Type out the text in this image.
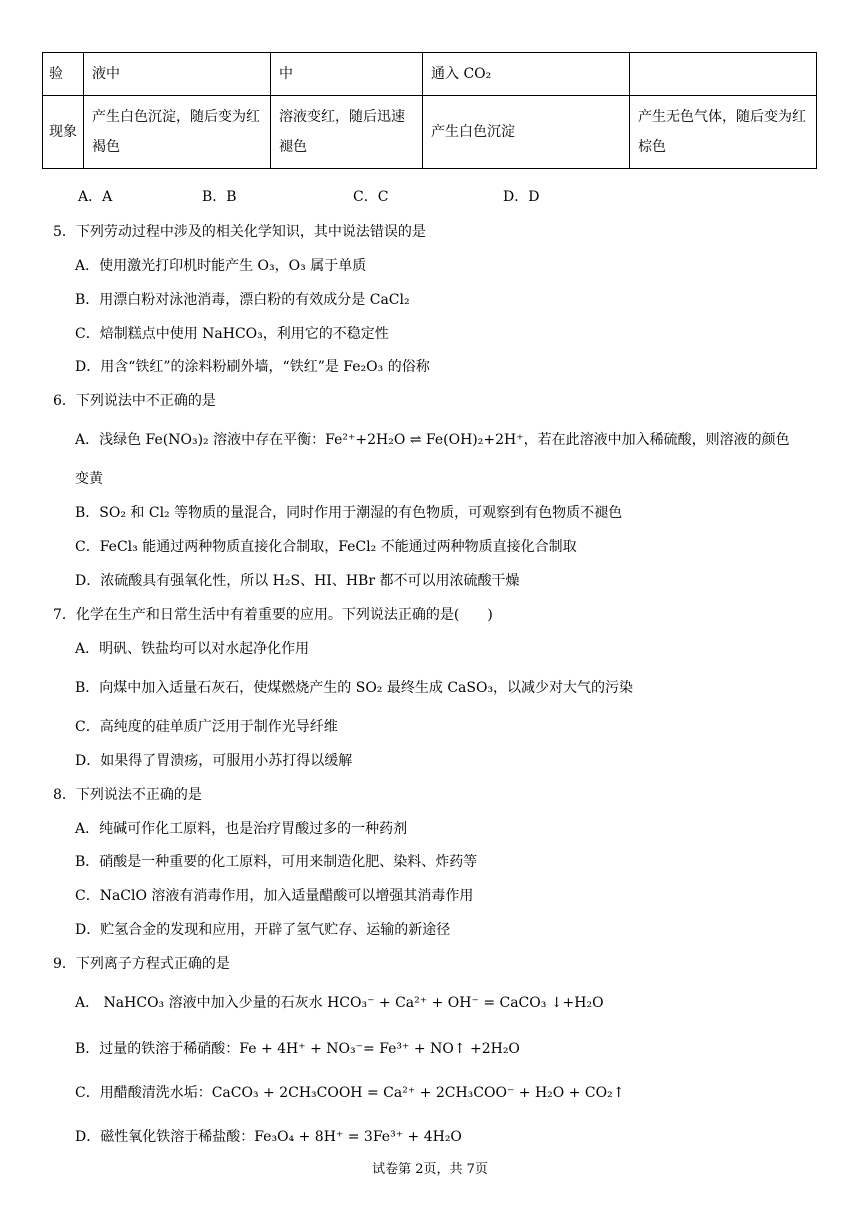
验	液中	中	通入 CO₂	
现象	产生白色沉淀，随后变为红褐色	溶液变红，随后迅速褪色	产生白色沉淀	产生无色气体，随后变为红棕色
A．A	B．B	C．C	D．D
5．下列劳动过程中涉及的相关化学知识，其中说法错误的是
A．使用激光打印机时能产生 O₃，O₃ 属于单质
B．用漂白粉对泳池消毒，漂白粉的有效成分是 CaCl₂
C．焙制糕点中使用 NaHCO₃，利用它的不稳定性
D．用含“铁红”的涂料粉刷外墙，“铁红”是 Fe₂O₃ 的俗称
6．下列说法中不正确的是
A．浅绿色 Fe(NO₃)₂ 溶液中存在平衡：Fe²⁺+2H₂O ⇌ Fe(OH)₂+2H⁺，若在此溶液中加入稀硫酸，则溶液的颜色
变黄
B．SO₂ 和 Cl₂ 等物质的量混合，同时作用于潮湿的有色物质，可观察到有色物质不褪色
C．FeCl₃ 能通过两种物质直接化合制取，FeCl₂ 不能通过两种物质直接化合制取
D．浓硫酸具有强氧化性，所以 H₂S、HI、HBr 都不可以用浓硫酸干燥
7．化学在生产和日常生活中有着重要的应用。下列说法正确的是(　　)
A．明矾、铁盐均可以对水起净化作用
B．向煤中加入适量石灰石，使煤燃烧产生的 SO₂ 最终生成 CaSO₃，以减少对大气的污染
C．高纯度的硅单质广泛用于制作光导纤维
D．如果得了胃溃疡，可服用小苏打得以缓解
8．下列说法不正确的是
A．纯碱可作化工原料，也是治疗胃酸过多的一种药剂
B．硝酸是一种重要的化工原料，可用来制造化肥、染料、炸药等
C．NaClO 溶液有消毒作用，加入适量醋酸可以增强其消毒作用
D．贮氢合金的发现和应用，开辟了氢气贮存、运输的新途径
9．下列离子方程式正确的是
A． NaHCO₃ 溶液中加入少量的石灰水 HCO₃⁻ + Ca²⁺ + OH⁻ = CaCO₃ ↓+H₂O
B．过量的铁溶于稀硝酸：Fe + 4H⁺ + NO₃⁻= Fe³⁺ + NO↑ +2H₂O
C．用醋酸清洗水垢：CaCO₃ + 2CH₃COOH = Ca²⁺ + 2CH₃COO⁻ + H₂O + CO₂↑
D．磁性氧化铁溶于稀盐酸：Fe₃O₄ + 8H⁺ = 3Fe³⁺ + 4H₂O
试卷第 2页，共 7页
